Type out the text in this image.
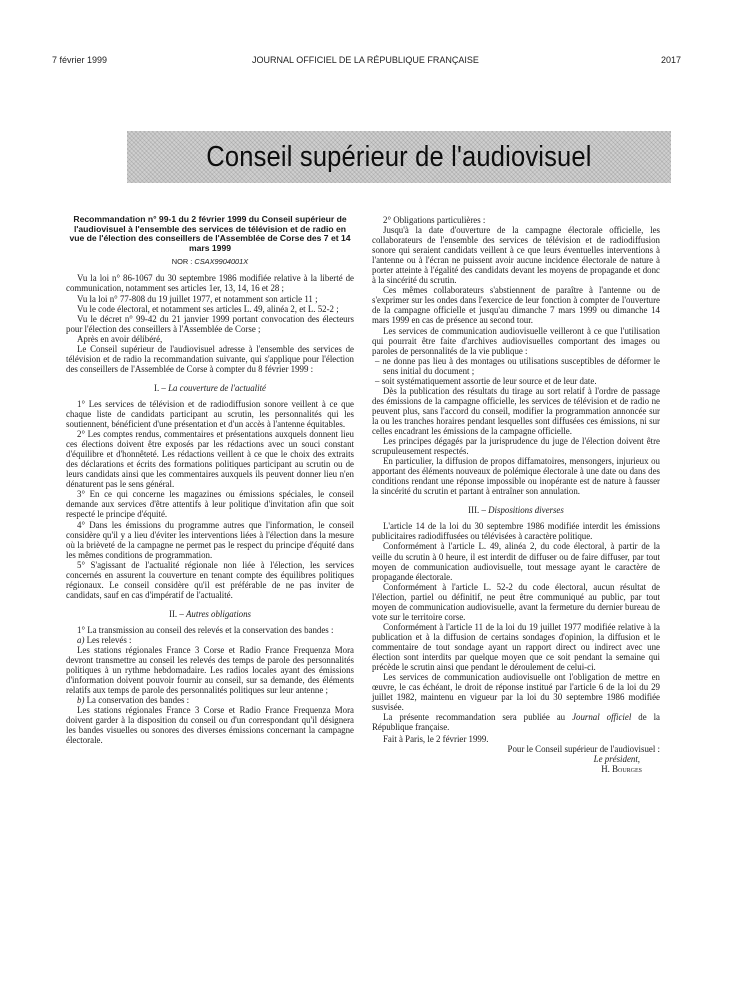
7 février 1999	JOURNAL OFFICIEL DE LA RÉPUBLIQUE FRANÇAISE	2017
Conseil supérieur de l'audiovisuel

Recommandation n° 99-1 du 2 février 1999 du Conseil supérieur de l'audiovisuel à l'ensemble des services de télévision et de radio en vue de l'élection des conseillers de l'Assemblée de Corse des 7 et 14 mars 1999

NOR : CSAX9904001X

Vu la loi n° 86-1067 du 30 septembre 1986 modifiée relative à la liberté de communication, notamment ses articles 1er, 13, 14, 16 et 28 ;

Vu la loi n° 77-808 du 19 juillet 1977, et notamment son article 11 ;

Vu le code électoral, et notamment ses articles L. 49, alinéa 2, et L. 52-2 ;

Vu le décret n° 99-42 du 21 janvier 1999 portant convocation des électeurs pour l'élection des conseillers à l'Assemblée de Corse ;

Après en avoir délibéré,

Le Conseil supérieur de l'audiovisuel adresse à l'ensemble des services de télévision et de radio la recommandation suivante, qui s'applique pour l'élection des conseillers de l'Assemblée de Corse à compter du 8 février 1999 :

I. – La couverture de l'actualité

1° Les services de télévision et de radiodiffusion sonore veillent à ce que chaque liste de candidats participant au scrutin, les personnalités qui les soutiennent, bénéficient d'une présentation et d'un accès à l'antenne équitables.

2° Les comptes rendus, commentaires et présentations auxquels donnent lieu ces élections doivent être exposés par les rédactions avec un souci constant d'équilibre et d'honnêteté. Les rédactions veillent à ce que le choix des extraits des déclarations et écrits des formations politiques participant au scrutin ou de leurs candidats ainsi que les commentaires auxquels ils peuvent donner lieu n'en dénaturent pas le sens général.

3° En ce qui concerne les magazines ou émissions spéciales, le conseil demande aux services d'être attentifs à leur politique d'invitation afin que soit respecté le principe d'équité.

4° Dans les émissions du programme autres que l'information, le conseil considère qu'il y a lieu d'éviter les interventions liées à l'élection dans la mesure où la brièveté de la campagne ne permet pas le respect du principe d'équité dans les mêmes conditions de programmation.

5° S'agissant de l'actualité régionale non liée à l'élection, les services concernés en assurent la couverture en tenant compte des équilibres politiques régionaux. Le conseil considère qu'il est préférable de ne pas inviter de candidats, sauf en cas d'impératif de l'actualité.

II. – Autres obligations

1° La transmission au conseil des relevés et la conservation des bandes :

a) Les relevés :

Les stations régionales France 3 Corse et Radio France Frequenza Mora devront transmettre au conseil les relevés des temps de parole des personnalités politiques à un rythme hebdomadaire. Les radios locales ayant des émissions d'information doivent pouvoir fournir au conseil, sur sa demande, des éléments relatifs aux temps de parole des personnalités politiques sur leur antenne ;

b) La conservation des bandes :

Les stations régionales France 3 Corse et Radio France Frequenza Mora doivent garder à la disposition du conseil ou d'un correspondant qu'il désignera les bandes visuelles ou sonores des diverses émissions concernant la campagne électorale.

2° Obligations particulières :

Jusqu'à la date d'ouverture de la campagne électorale officielle, les collaborateurs de l'ensemble des services de télévision et de radiodiffusion sonore qui seraient candidats veillent à ce que leurs éventuelles interventions à l'antenne ou à l'écran ne puissent avoir aucune incidence électorale de nature à porter atteinte à l'égalité des candidats devant les moyens de propagande et donc à la sincérité du scrutin.

Ces mêmes collaborateurs s'abstiennent de paraître à l'antenne ou de s'exprimer sur les ondes dans l'exercice de leur fonction à compter de l'ouverture de la campagne officielle et jusqu'au dimanche 7 mars 1999 ou dimanche 14 mars 1999 en cas de présence au second tour.

Les services de communication audiovisuelle veilleront à ce que l'utilisation qui pourrait être faite d'archives audiovisuelles comportant des images ou paroles de personnalités de la vie publique :

– ne donne pas lieu à des montages ou utilisations susceptibles de déformer le sens initial du document ;

– soit systématiquement assortie de leur source et de leur date.

Dès la publication des résultats du tirage au sort relatif à l'ordre de passage des émissions de la campagne officielle, les services de télévision et de radio ne peuvent plus, sans l'accord du conseil, modifier la programmation annoncée sur la ou les tranches horaires pendant lesquelles sont diffusées ces émissions, ni sur celles encadrant les émissions de la campagne officielle.

Les principes dégagés par la jurisprudence du juge de l'élection doivent être scrupuleusement respectés.

En particulier, la diffusion de propos diffamatoires, mensongers, injurieux ou apportant des éléments nouveaux de polémique électorale à une date ou dans des conditions rendant une réponse impossible ou inopérante est de nature à fausser la sincérité du scrutin et partant à entraîner son annulation.

III. – Dispositions diverses

L'article 14 de la loi du 30 septembre 1986 modifiée interdit les émissions publicitaires radiodiffusées ou télévisées à caractère politique.

Conformément à l'article L. 49, alinéa 2, du code électoral, à partir de la veille du scrutin à 0 heure, il est interdit de diffuser ou de faire diffuser, par tout moyen de communication audiovisuelle, tout message ayant le caractère de propagande électorale.

Conformément à l'article L. 52-2 du code électoral, aucun résultat de l'élection, partiel ou définitif, ne peut être communiqué au public, par tout moyen de communication audiovisuelle, avant la fermeture du dernier bureau de vote sur le territoire corse.

Conformément à l'article 11 de la loi du 19 juillet 1977 modifiée relative à la publication et à la diffusion de certains sondages d'opinion, la diffusion et le commentaire de tout sondage ayant un rapport direct ou indirect avec une élection sont interdits par quelque moyen que ce soit pendant la semaine qui précède le scrutin ainsi que pendant le déroulement de celui-ci.

Les services de communication audiovisuelle ont l'obligation de mettre en œuvre, le cas échéant, le droit de réponse institué par l'article 6 de la loi du 29 juillet 1982, maintenu en vigueur par la loi du 30 septembre 1986 modifiée susvisée.

La présente recommandation sera publiée au Journal officiel de la République française.

Fait à Paris, le 2 février 1999.

Pour le Conseil supérieur de l'audiovisuel :

Le président,

H. Bourges
